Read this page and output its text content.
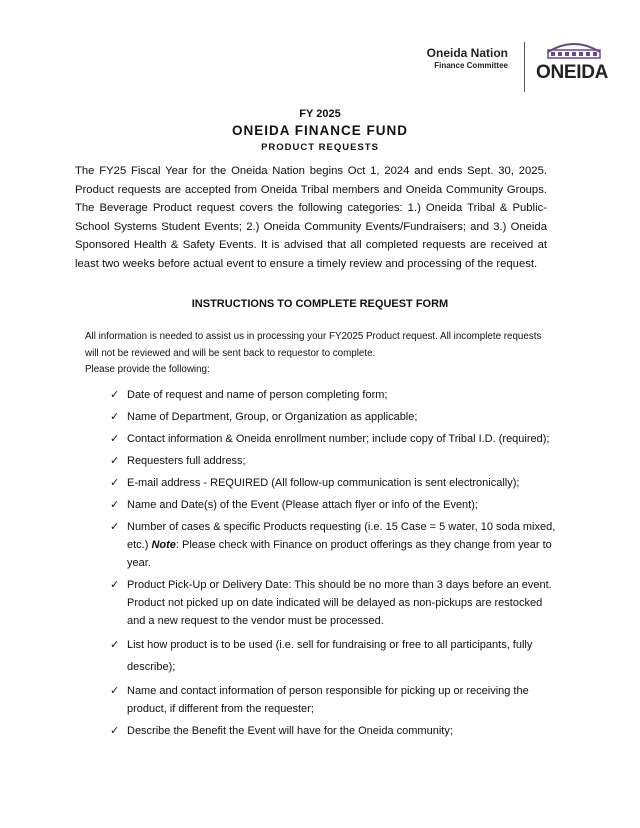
Oneida Nation
Finance Committee ONEIDA
FY 2025
ONEIDA FINANCE FUND
PRODUCT REQUESTS

The FY25 Fiscal Year for the Oneida Nation begins Oct 1, 2024 and ends Sept. 30, 2025. Product requests are accepted from Oneida Tribal members and Oneida Community Groups. The Beverage Product request covers the following categories: 1.) Oneida Tribal & Public-School Systems Student Events; 2.) Oneida Community Events/Fundraisers; and 3.) Oneida Sponsored Health & Safety Events. It is advised that all completed requests are received at least two weeks before actual event to ensure a timely review and processing of the request.

INSTRUCTIONS TO COMPLETE REQUEST FORM
All information is needed to assist us in processing your FY2025 Product request. All incomplete requests will not be reviewed and will be sent back to requestor to complete.
Please provide the following:
✓ Date of request and name of person completing form;
✓ Name of Department, Group, or Organization as applicable;
✓ Contact information & Oneida enrollment number; include copy of Tribal I.D. (required);
✓ Requesters full address;
✓ E-mail address - REQUIRED (All follow-up communication is sent electronically);
✓ Name and Date(s) of the Event (Please attach flyer or info of the Event);
✓ Number of cases & specific Products requesting (i.e. 15 Case = 5 water, 10 soda mixed, etc.) Note: Please check with Finance on product offerings as they change from year to year.
✓ Product Pick-Up or Delivery Date: This should be no more than 3 days before an event. Product not picked up on date indicated will be delayed as non-pickups are restocked and a new request to the vendor must be processed.
✓ List how product is to be used (i.e. sell for fundraising or free to all participants, fully describe);
✓ Name and contact information of person responsible for picking up or receiving the product, if different from the requester;
✓ Describe the Benefit the Event will have for the Oneida community;
